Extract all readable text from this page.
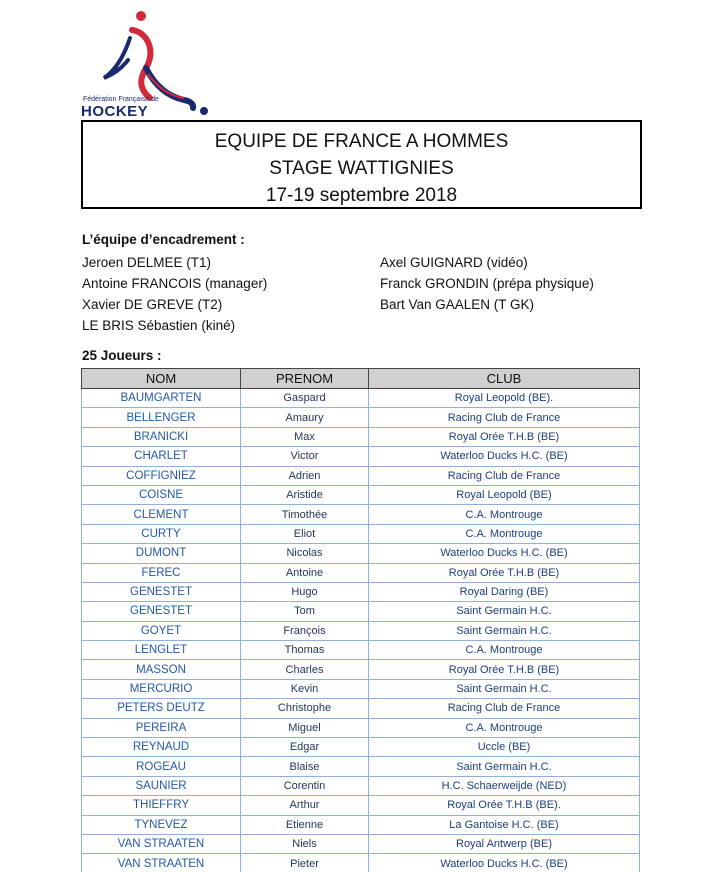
Fédération Française de
HOCKEY
EQUIPE DE FRANCE A HOMMES
STAGE WATTIGNIES
17-19 septembre 2018
L’équipe d’encadrement :
Jeroen DELMEE (T1)
Antoine FRANCOIS (manager)
Xavier DE GREVE (T2)
LE BRIS Sébastien (kiné)
Axel GUIGNARD (vidéo)
Franck GRONDIN (prépa physique)
Bart Van GAALEN (T GK)
25 Joueurs :
NOM	PRENOM	CLUB
BAUMGARTEN	Gaspard	Royal Leopold (BE).
BELLENGER	Amaury	Racing Club de France
BRANICKI	Max	Royal Orée T.H.B (BE)
CHARLET	Victor	Waterloo Ducks H.C. (BE)
COFFIGNIEZ	Adrien	Racing Club de France
COISNE	Aristide	Royal Leopold (BE)
CLEMENT	Timothée	C.A. Montrouge
CURTY	Eliot	C.A. Montrouge
DUMONT	Nicolas	Waterloo Ducks H.C. (BE)
FEREC	Antoine	Royal Orée T.H.B (BE)
GENESTET	Hugo	Royal Daring (BE)
GENESTET	Tom	Saint Germain H.C.
GOYET	François	Saint Germain H.C.
LENGLET	Thomas	C.A. Montrouge
MASSON	Charles	Royal Orée T.H.B (BE)
MERCURIO	Kevin	Saint Germain H.C.
PETERS DEUTZ	Christophe	Racing Club de France
PEREIRA	Miguel	C.A. Montrouge
REYNAUD	Edgar	Uccle (BE)
ROGEAU	Blaise	Saint Germain H.C.
SAUNIER	Corentin	H.C. Schaerweijde (NED)
THIEFFRY	Arthur	Royal Orée T.H.B (BE).
TYNEVEZ	Etienne	La Gantoise H.C. (BE)
VAN STRAATEN	Niels	Royal Antwerp (BE)
VAN STRAATEN	Pieter	Waterloo Ducks H.C. (BE)
